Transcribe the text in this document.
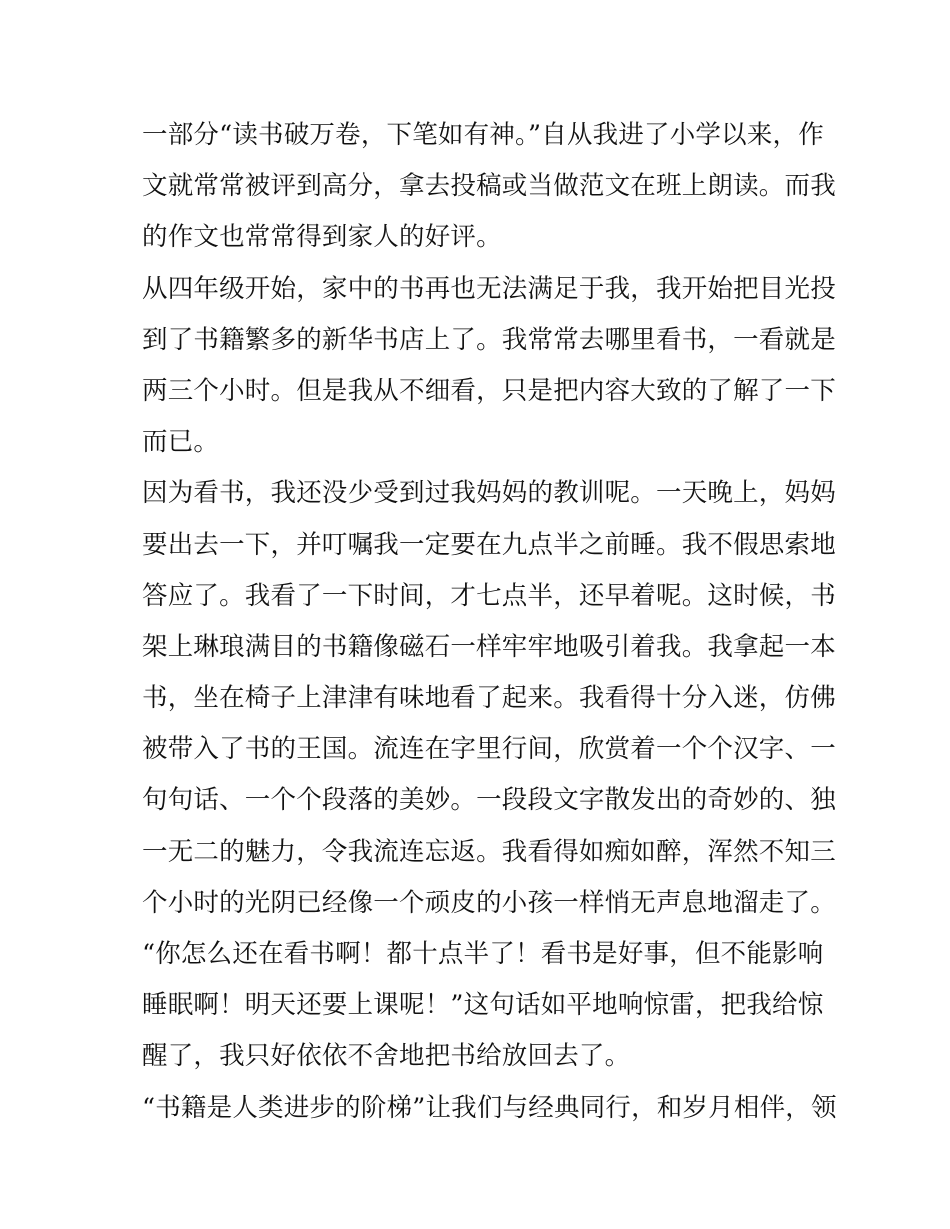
一部分“读书破万卷，下笔如有神。”自从我进了小学以来，作
文就常常被评到高分，拿去投稿或当做范文在班上朗读。而我
的作文也常常得到家人的好评。
从四年级开始，家中的书再也无法满足于我，我开始把目光投
到了书籍繁多的新华书店上了。我常常去哪里看书，一看就是
两三个小时。但是我从不细看，只是把内容大致的了解了一下
而已。
因为看书，我还没少受到过我妈妈的教训呢。一天晚上，妈妈
要出去一下，并叮嘱我一定要在九点半之前睡。我不假思索地
答应了。我看了一下时间，才七点半，还早着呢。这时候，书
架上琳琅满目的书籍像磁石一样牢牢地吸引着我。我拿起一本
书，坐在椅子上津津有味地看了起来。我看得十分入迷，仿佛
被带入了书的王国。流连在字里行间，欣赏着一个个汉字、一
句句话、一个个段落的美妙。一段段文字散发出的奇妙的、独
一无二的魅力，令我流连忘返。我看得如痴如醉，浑然不知三
个小时的光阴已经像一个顽皮的小孩一样悄无声息地溜走了。
“你怎么还在看书啊！都十点半了！看书是好事，但不能影响
睡眠啊！明天还要上课呢！”这句话如平地响惊雷，把我给惊
醒了，我只好依依不舍地把书给放回去了。
“书籍是人类进步的阶梯”让我们与经典同行，和岁月相伴，领
